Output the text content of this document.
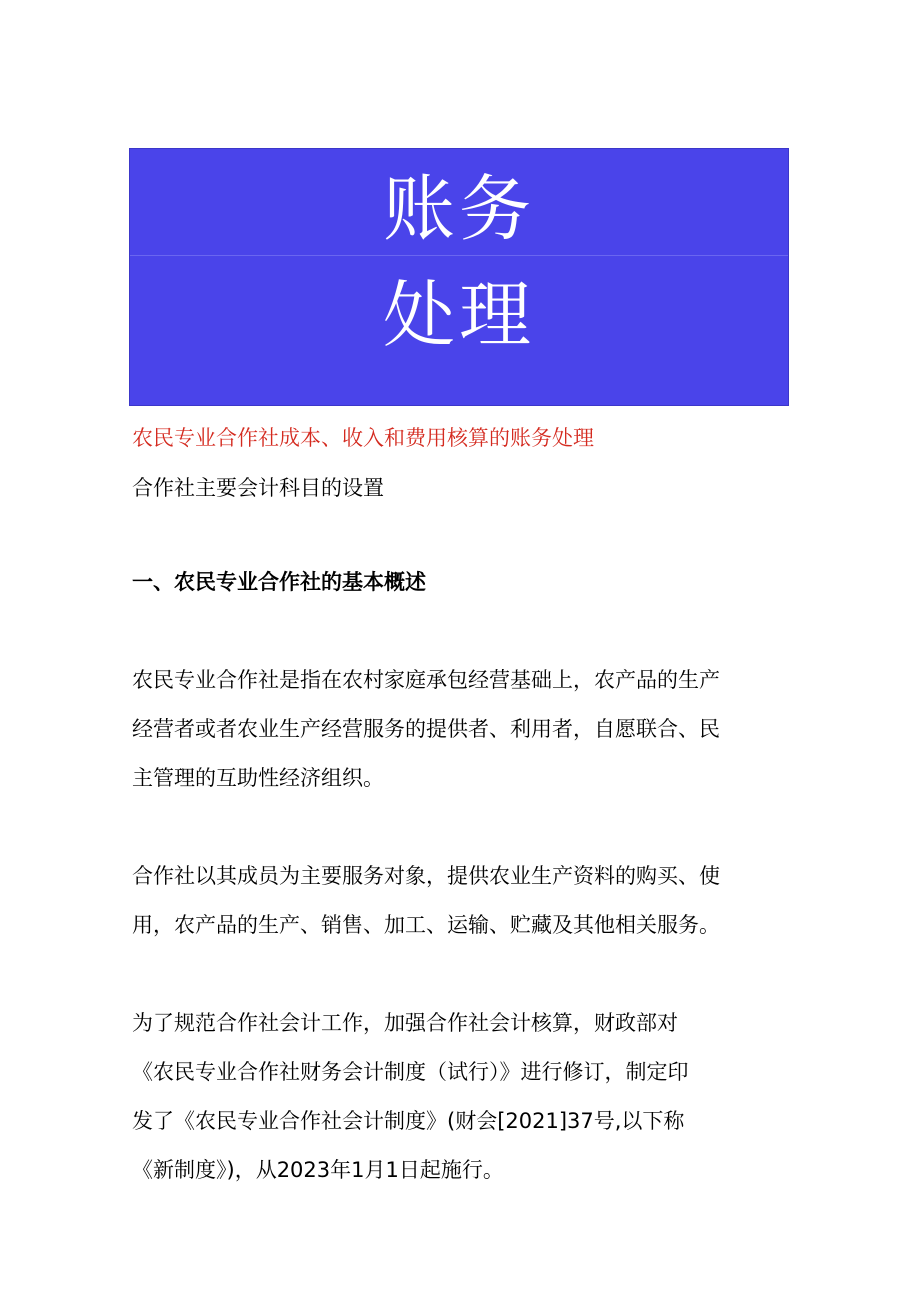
账务
处理
农民专业合作社成本、收入和费用核算的账务处理
合作社主要会计科目的设置
一、农民专业合作社的基本概述
农民专业合作社是指在农村家庭承包经营基础上，农产品的生产
经营者或者农业生产经营服务的提供者、利用者，自愿联合、民
主管理的互助性经济组织。
合作社以其成员为主要服务对象，提供农业生产资料的购买、使
用，农产品的生产、销售、加工、运输、贮藏及其他相关服务。
为了规范合作社会计工作，加强合作社会计核算，财政部对
《农民专业合作社财务会计制度（试行）》进行修订，制定印
发了《农民专业合作社会计制度》(财会[2021]37号,以下称
《新制度》)，从2023年1月1日起施行。
